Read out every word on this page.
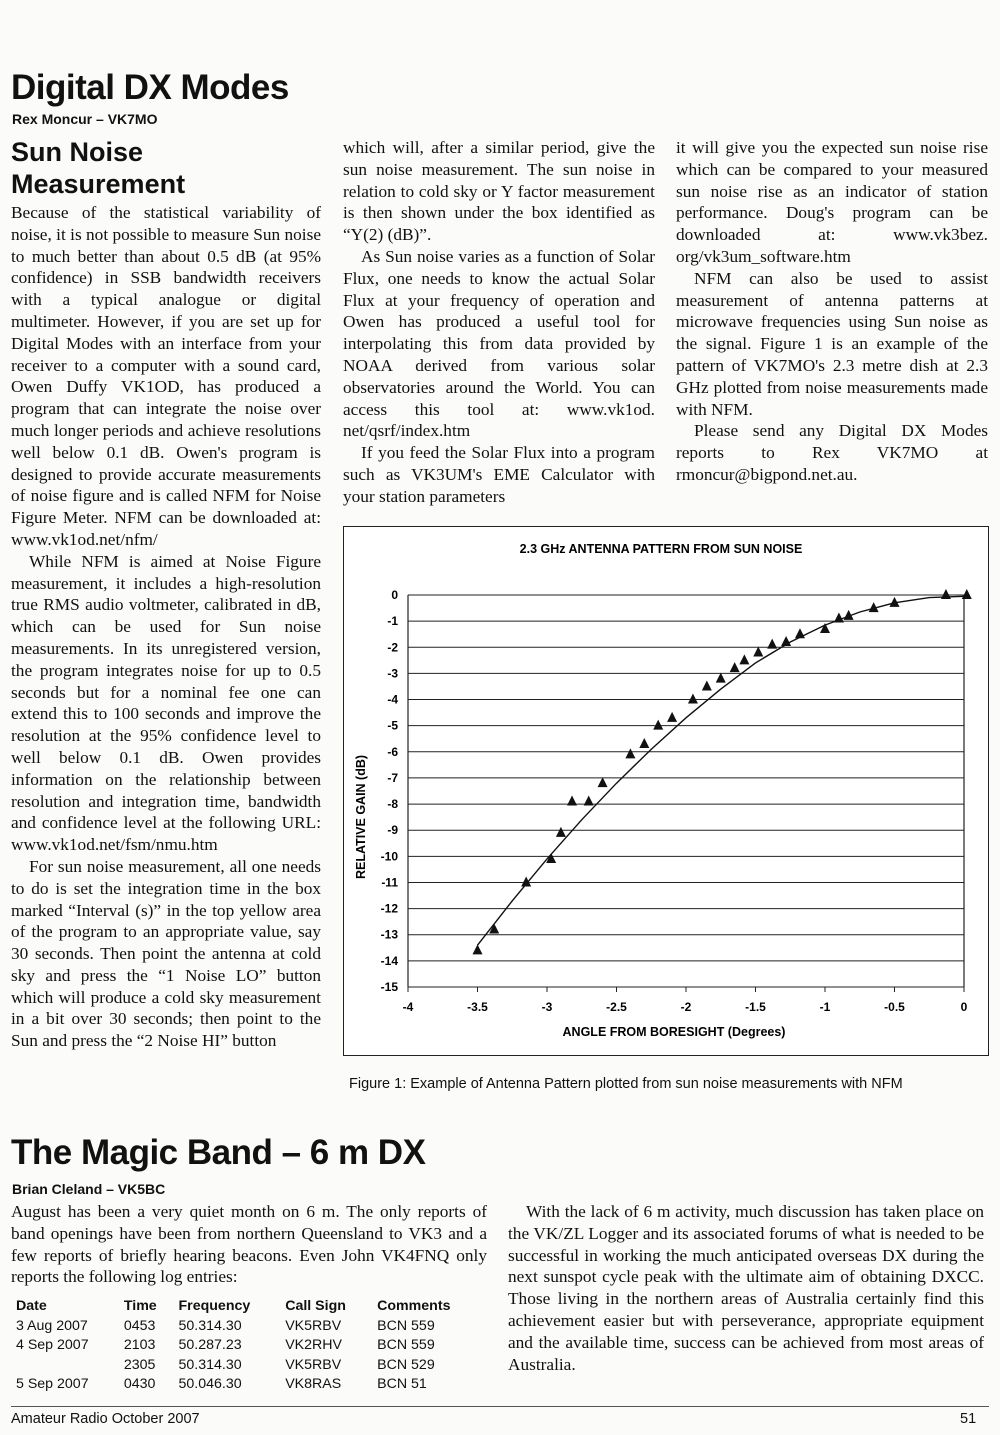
Digital DX Modes
Rex Moncur – VK7MO
Sun Noise
Measurement

Because of the statistical variability of noise, it is not possible to measure Sun noise to much better than about 0.5 dB (at 95% confidence) in SSB bandwidth receivers with a typical analogue or digital multimeter. However, if you are set up for Digital Modes with an interface from your receiver to a computer with a sound card, Owen Duffy VK1OD, has produced a program that can integrate the noise over much longer periods and achieve resolutions well below 0.1 dB. Owen's program is designed to provide accurate measurements of noise figure and is called NFM for Noise Figure Meter. NFM can be downloaded at: www.vk1od.net/nfm/

While NFM is aimed at Noise Figure measurement, it includes a high-resolution true RMS audio voltmeter, calibrated in dB, which can be used for Sun noise measurements. In its unregistered version, the program integrates noise for up to 0.5 seconds but for a nominal fee one can extend this to 100 seconds and improve the resolution at the 95% confidence level to well below 0.1 dB. Owen provides information on the relationship between resolution and integration time, bandwidth and confidence level at the following URL: www.vk1od.net/fsm/nmu.htm

For sun noise measurement, all one needs to do is set the integration time in the box marked “Interval (s)” in the top yellow area of the program to an appropriate value, say 30 seconds. Then point the antenna at cold sky and press the “1 Noise LO” button which will produce a cold sky measurement in a bit over 30 seconds; then point to the Sun and press the “2 Noise HI” button

which will, after a similar period, give the sun noise measurement. The sun noise in relation to cold sky or Y factor measurement is then shown under the box identified as “Y(2) (dB)”.

As Sun noise varies as a function of Solar Flux, one needs to know the actual Solar Flux at your frequency of operation and Owen has produced a useful tool for interpolating this from data provided by NOAA derived from various solar observatories around the World. You can access this tool at: www.vk1od. net/qsrf/index.htm

If you feed the Solar Flux into a program such as VK3UM's EME Calculator with your station parameters

it will give you the expected sun noise rise which can be compared to your measured sun noise rise as an indicator of station performance. Doug's program can be downloaded at: www.vk3bez. org/vk3um_software.htm

NFM can also be used to assist measurement of antenna patterns at microwave frequencies using Sun noise as the signal. Figure 1 is an example of the pattern of VK7MO's 2.3 metre dish at 2.3 GHz plotted from noise measurements made with NFM.

Please send any Digital DX Modes reports to Rex VK7MO at rmoncur@bigpond.net.au.

2.3 GHz ANTENNA PATTERN FROM SUN NOISE
0
-1
-2
-3
-4
-5
-6
-7
-8
-9
-10
-11
-12
-13
-14
-15
-4	-3.5	-3	-2.5	-2	-1.5	-1	-0.5	0
ANGLE FROM BORESIGHT (Degrees)
RELATIVE GAIN (dB)
Figure 1: Example of Antenna Pattern plotted from sun noise measurements with NFM
The Magic Band – 6 m DX
Brian Cleland – VK5BC

August has been a very quiet month on 6 m. The only reports of band openings have been from northern Queensland to VK3 and a few reports of briefly hearing beacons. Even John VK4FNQ only reports the following log entries:

Date	Time	Frequency	Call Sign	Comments
3 Aug 2007	0453	50.314.30	VK5RBV	BCN 559
4 Sep 2007	2103	50.287.23	VK2RHV	BCN 559
	2305	50.314.30	VK5RBV	BCN 529
5 Sep 2007	0430	50.046.30	VK8RAS	BCN 51

With the lack of 6 m activity, much discussion has taken place on the VK/ZL Logger and its associated forums of what is needed to be successful in working the much anticipated overseas DX during the next sunspot cycle peak with the ultimate aim of obtaining DXCC. Those living in the northern areas of Australia certainly find this achievement easier but with perseverance, appropriate equipment and the available time, success can be achieved from most areas of Australia.

Amateur Radio October 2007	51
